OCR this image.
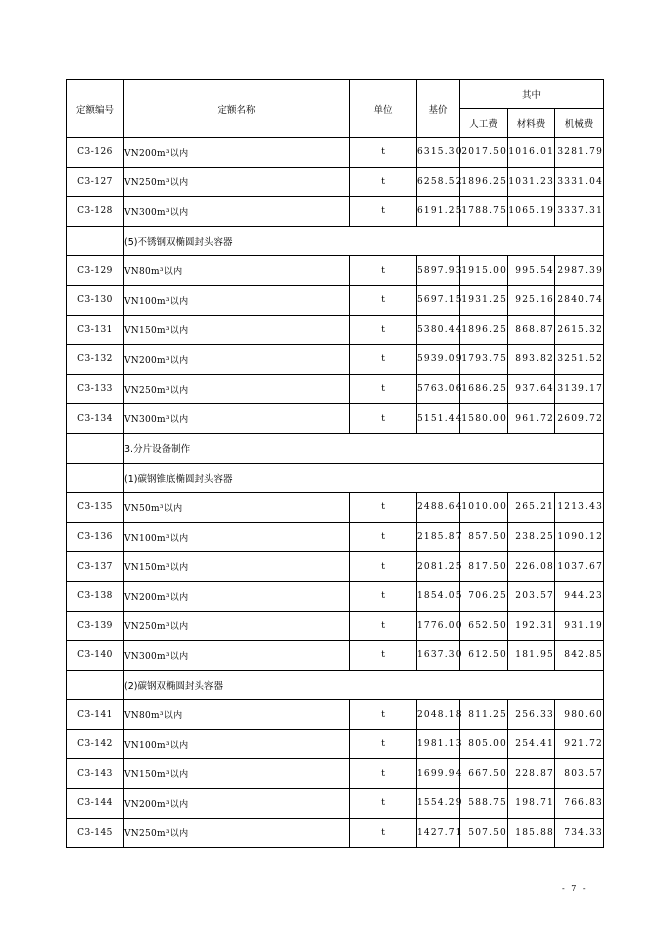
定额编号	定额名称	单位	基价	其中		
				人工费	材料费	机械费
C3-126	VN200m³以内	t	6315.30	2017.50	1016.01	3281.79
C3-127	VN250m³以内	t	6258.52	1896.25	1031.23	3331.04
C3-128	VN300m³以内	t	6191.25	1788.75	1065.19	3337.31
	(5)不锈钢双椭圆封头容器					
C3-129	VN80m³以内	t	5897.93	1915.00	995.54	2987.39
C3-130	VN100m³以内	t	5697.15	1931.25	925.16	2840.74
C3-131	VN150m³以内	t	5380.44	1896.25	868.87	2615.32
C3-132	VN200m³以内	t	5939.09	1793.75	893.82	3251.52
C3-133	VN250m³以内	t	5763.06	1686.25	937.64	3139.17
C3-134	VN300m³以内	t	5151.44	1580.00	961.72	2609.72
	3.分片设备制作					
	(1)碳钢锥底椭圆封头容器					
C3-135	VN50m³以内	t	2488.64	1010.00	265.21	1213.43
C3-136	VN100m³以内	t	2185.87	857.50	238.25	1090.12
C3-137	VN150m³以内	t	2081.25	817.50	226.08	1037.67
C3-138	VN200m³以内	t	1854.05	706.25	203.57	944.23
C3-139	VN250m³以内	t	1776.00	652.50	192.31	931.19
C3-140	VN300m³以内	t	1637.30	612.50	181.95	842.85
	(2)碳钢双椭圆封头容器					
C3-141	VN80m³以内	t	2048.18	811.25	256.33	980.60
C3-142	VN100m³以内	t	1981.13	805.00	254.41	921.72
C3-143	VN150m³以内	t	1699.94	667.50	228.87	803.57
C3-144	VN200m³以内	t	1554.29	588.75	198.71	766.83
C3-145	VN250m³以内	t	1427.71	507.50	185.88	734.33
- 7 -
